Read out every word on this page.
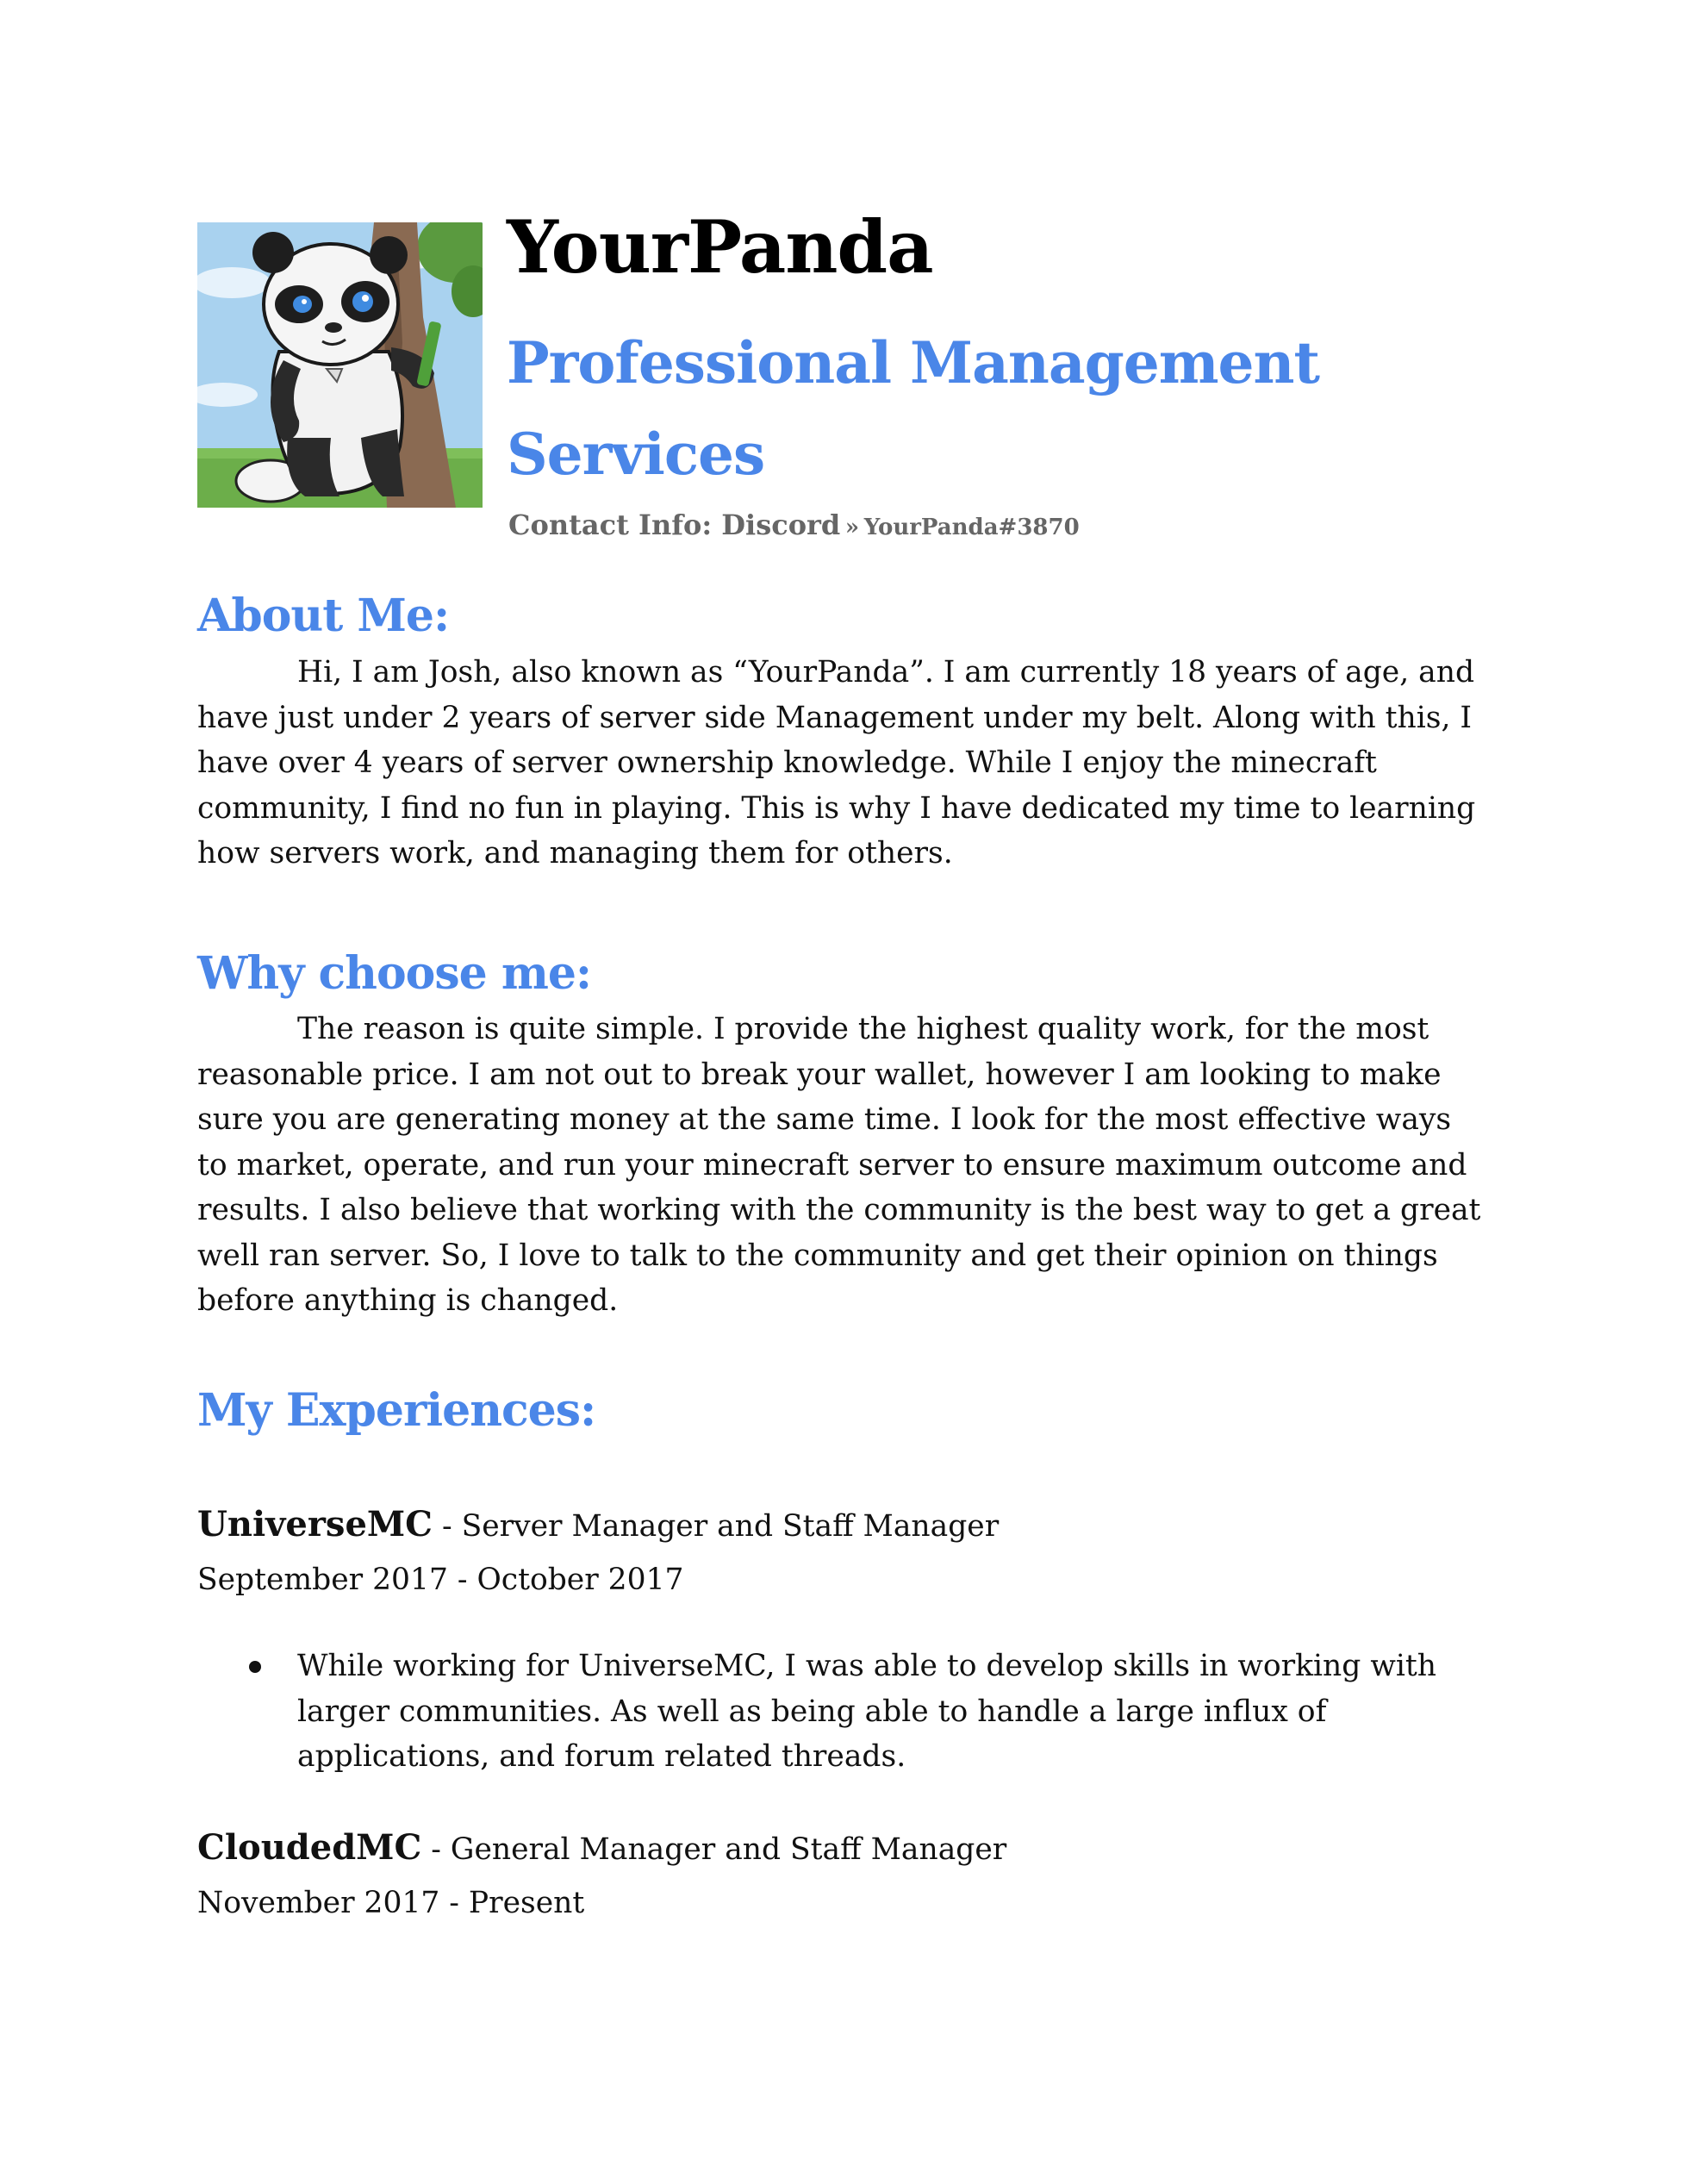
YourPanda
Professional Management Services

Contact Info: Discord » YourPanda#3870

About Me:

Hi, I am Josh, also known as “YourPanda”. I am currently 18 years of age, and have just under 2 years of server side Management under my belt. Along with this, I have over 4 years of server ownership knowledge. While I enjoy the minecraft community, I find no fun in playing. This is why I have dedicated my time to learning how servers work, and managing them for others.

Why choose me:

The reason is quite simple. I provide the highest quality work, for the most reasonable price. I am not out to break your wallet, however I am looking to make sure you are generating money at the same time. I look for the most effective ways to market, operate, and run your minecraft server to ensure maximum outcome and results. I also believe that working with the community is the best way to get a great well ran server. So, I love to talk to the community and get their opinion on things before anything is changed.

My Experiences:

UniverseMC - Server Manager and Staff Manager

September 2017 - October 2017

While working for UniverseMC, I was able to develop skills in working with larger communities. As well as being able to handle a large influx of applications, and forum related threads.

CloudedMC - General Manager and Staff Manager

November 2017 - Present
